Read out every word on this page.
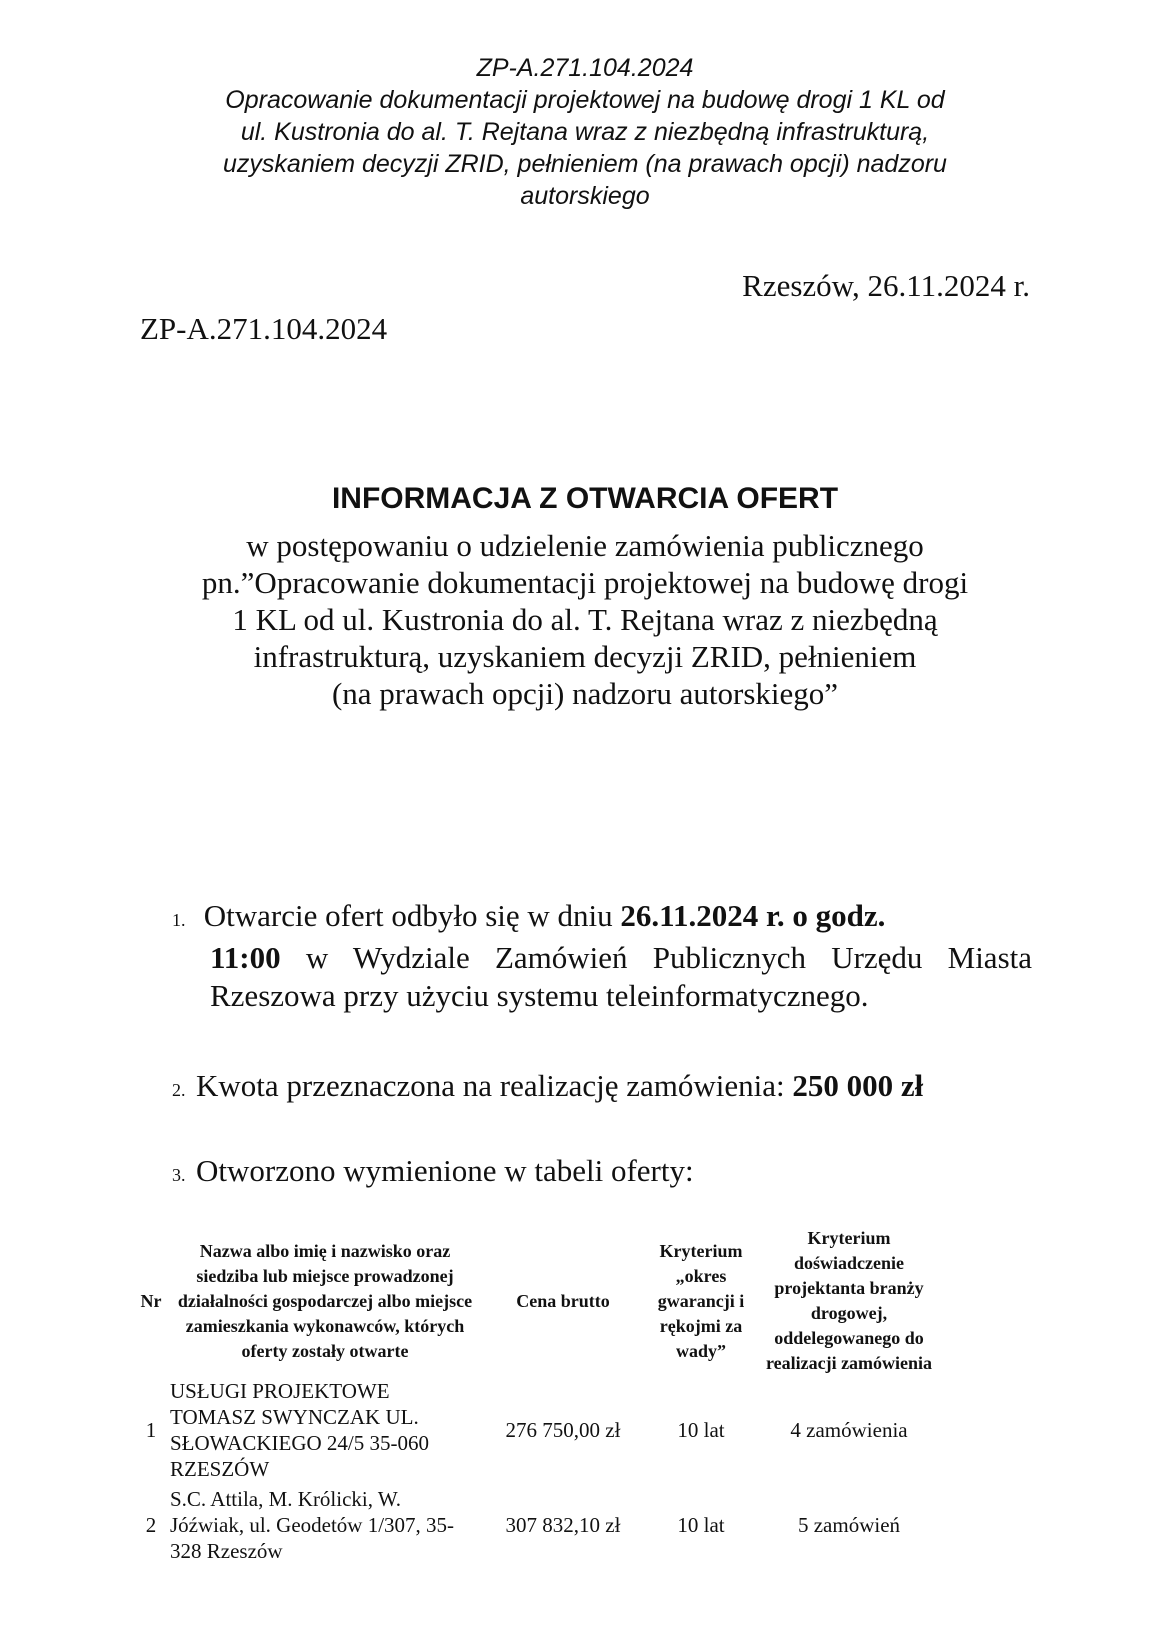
ZP-A.271.104.2024
Opracowanie dokumentacji projektowej na budowę drogi 1 KL od
ul. Kustronia do al. T. Rejtana wraz z niezbędną infrastrukturą,
uzyskaniem decyzji ZRID, pełnieniem (na prawach opcji) nadzoru
autorskiego
Rzeszów, 26.11.2024 r.
ZP-A.271.104.2024
INFORMACJA Z OTWARCIA OFERT
w postępowaniu o udzielenie zamówienia publicznego
pn.”Opracowanie dokumentacji projektowej na budowę drogi
1 KL od ul. Kustronia do al. T. Rejtana wraz z niezbędną
infrastrukturą, uzyskaniem decyzji ZRID, pełnieniem
(na prawach opcji) nadzoru autorskiego”
1. Otwarcie ofert odbyło się w dniu 26.11.2024 r. o godz.
11:00 w Wydziale Zamówień Publicznych Urzędu Miasta Rzeszowa przy użyciu systemu teleinformatycznego.
2. Kwota przeznaczona na realizację zamówienia: 250 000 zł
3. Otworzono wymienione w tabeli oferty:
Nr	Nazwa albo imię i nazwisko oraz siedziba lub miejsce prowadzonej działalności gospodarczej albo miejsce zamieszkania wykonawców, których oferty zostały otwarte	Cena brutto	Kryterium „okres gwarancji i rękojmi za wady”	Kryterium doświadczenie projektanta branży drogowej, oddelegowanego do realizacji zamówienia
1	USŁUGI PROJEKTOWE TOMASZ SWYNCZAK UL. SŁOWACKIEGO 24/5 35-060 RZESZÓW	276 750,00 zł	10 lat	4 zamówienia
2	S.C. Attila, M. Królicki, W. Jóźwiak, ul. Geodetów 1/307, 35-328 Rzeszów	307 832,10 zł	10 lat	5 zamówień
